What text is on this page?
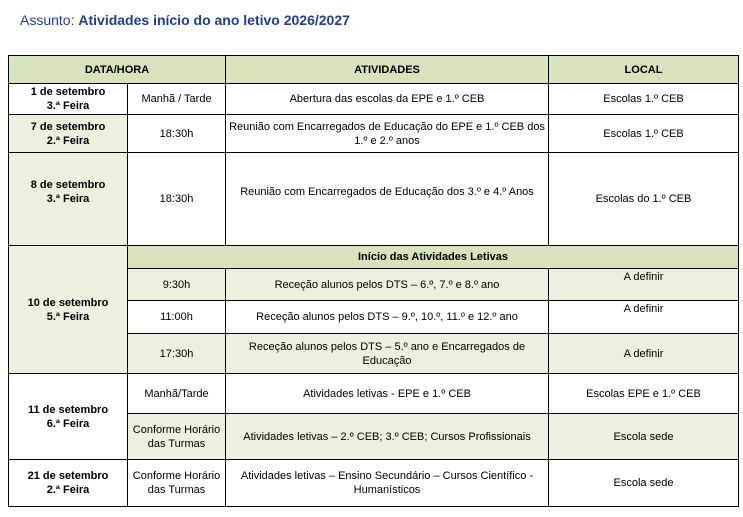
Assunto: Atividades início do ano letivo 2026/2027
DATA/HORA		ATIVIDADES	LOCAL

1 de setembro
3.ª Feira	Manhã / Tarde	Abertura das escolas da EPE e 1.º CEB	Escolas 1.º CEB

7 de setembro
2.ª Feira	18:30h	Reunião com Encarregados de Educação do EPE e 1.º CEB dos 1.º e 2.º anos	Escolas 1.º CEB

8 de setembro
3.ª Feira	18:30h	Reunião com Encarregados de Educação dos 3.º e 4.º Anos	Escolas do 1.º CEB

10 de setembro
5.ª Feira	Início das Atividades Letivas		
	9:30h	Receção alunos pelos DTS – 6.º, 7.º e 8.º ano	A definir
	11:00h	Receção alunos pelos DTS – 9.º, 10.º, 11.º e 12.º ano	A definir
	17:30h	Receção alunos pelos DTS – 5.º ano e Encarregados de Educação	A definir

11 de setembro
6.ª Feira	Manhã/Tarde	Atividades letivas - EPE e 1.º CEB	Escolas EPE e 1.º CEB
	Conforme Horário das Turmas	Atividades letivas – 2.º CEB; 3.º CEB; Cursos Profissionais	Escola sede

21 de setembro
2.ª Feira	Conforme Horário das Turmas	Atividades letivas – Ensino Secundário – Cursos Científico - Humanísticos	Escola sede
